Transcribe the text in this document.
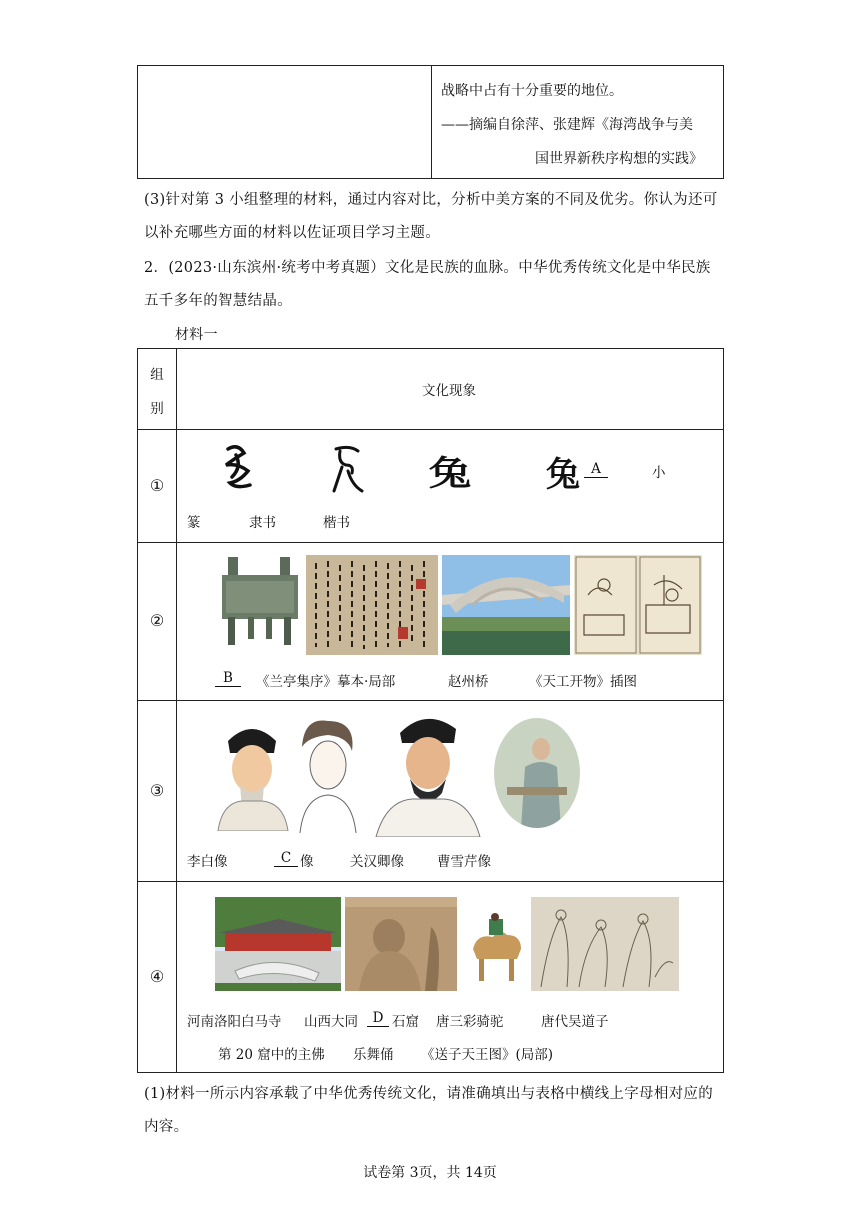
战略中占有十分重要的地位。
——摘编自徐萍、张建辉《海湾战争与美
国世界新秩序构想的实践》
(3)针对第 3 小组整理的材料，通过内容对比，分析中美方案的不同及优劣。你认为还可
以补充哪些方面的材料以佐证项目学习主题。
2．(2023·山东滨州·统考中考真题）文化是民族的血脉。中华优秀传统文化是中华民族
五千多年的智慧结晶。
材料一
组
别
文化现象
①	兔 兔 A	小
篆	隶书	楷书
②
B	《兰亭集序》摹本·局部	赵州桥	《天工开物》插图
③
李白像	C 像	关汉卿像 曹雪芹像
④
河南洛阳白马寺 山西大同	D 石窟 唐三彩骑驼	唐代吴道子
第 20 窟中的主佛 乐舞俑 《送子天王图》(局部)
(1)材料一所示内容承载了中华优秀传统文化，请准确填出与表格中横线上字母相对应的
内容。
试卷第 3页，共 14页
